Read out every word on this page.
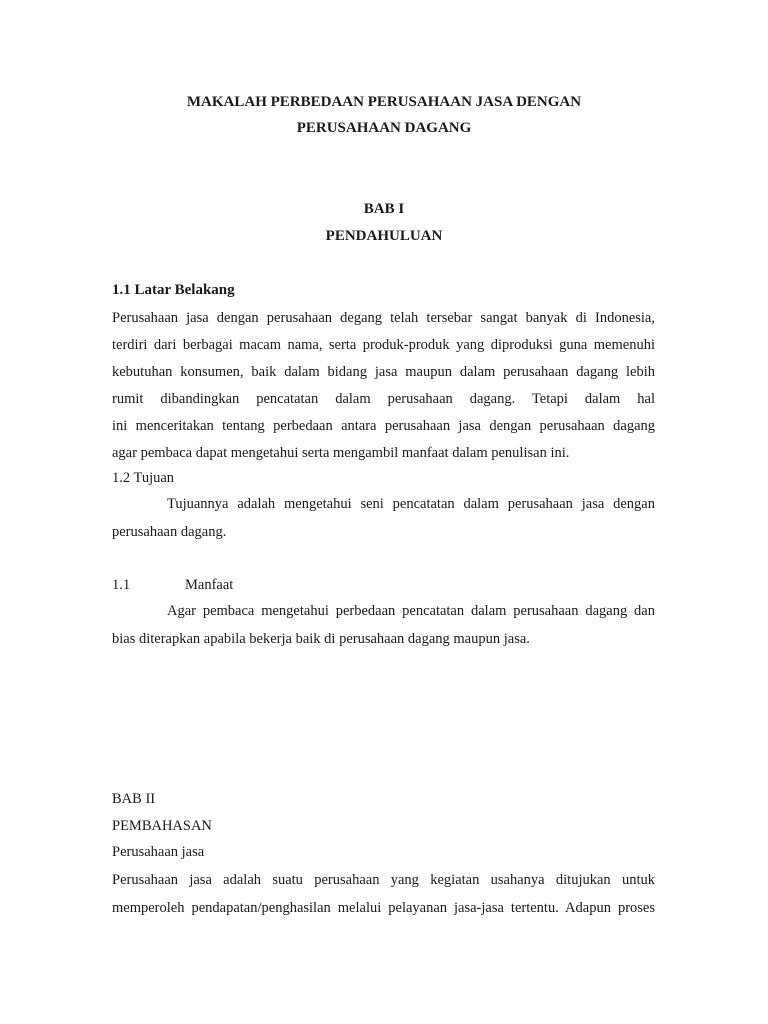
MAKALAH PERBEDAAN PERUSAHAAN JASA DENGAN
PERUSAHAAN DAGANG
BAB I
PENDAHULUAN
1.1 Latar Belakang
Perusahaan jasa dengan perusahaan degang telah tersebar sangat banyak di Indonesia,
terdiri dari berbagai macam nama, serta produk-produk yang diproduksi guna memenuhi
kebutuhan konsumen, baik dalam bidang jasa maupun dalam perusahaan dagang lebih
rumit dibandingkan pencatatan dalam perusahaan dagang. Tetapi dalam hal
ini menceritakan tentang perbedaan antara perusahaan jasa dengan perusahaan dagang
agar pembaca dapat mengetahui serta mengambil manfaat dalam penulisan ini.
1.2 Tujuan
Tujuannya adalah mengetahui seni pencatatan dalam perusahaan jasa dengan
perusahaan dagang.
1.1	Manfaat
Agar pembaca mengetahui perbedaan pencatatan dalam perusahaan dagang dan
bias diterapkan apabila bekerja baik di perusahaan dagang maupun jasa.
BAB II
PEMBAHASAN
Perusahaan jasa
Perusahaan jasa adalah suatu perusahaan yang kegiatan usahanya ditujukan untuk
memperoleh pendapatan/penghasilan melalui pelayanan jasa-jasa tertentu. Adapun proses
